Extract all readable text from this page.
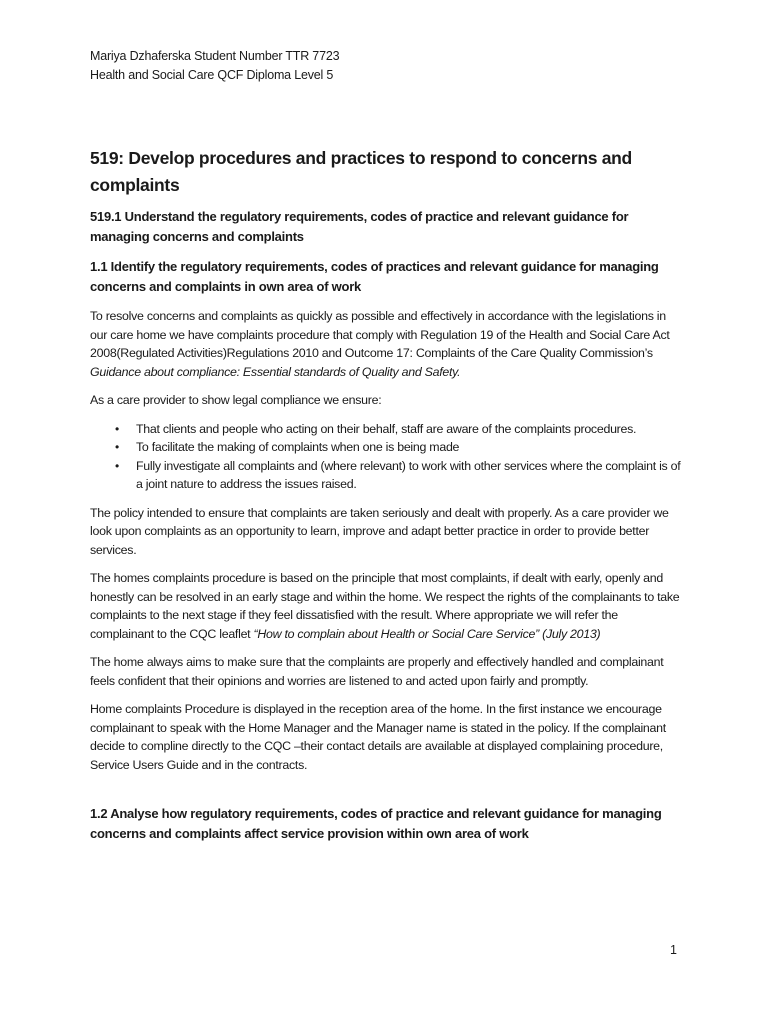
Mariya Dzhaferska Student Number TTR 7723
Health and Social Care QCF Diploma Level 5
519: Develop procedures and practices to respond to concerns and complaints
519.1 Understand the regulatory requirements, codes of practice and relevant guidance for managing concerns and complaints
1.1 Identify the regulatory requirements, codes of practices and relevant guidance for managing concerns and complaints in own area of work

To resolve concerns and complaints as quickly as possible and effectively in accordance with the legislations in our care home we have complaints procedure that comply with Regulation 19 of the Health and Social Care Act 2008(Regulated Activities)Regulations 2010 and Outcome 17: Complaints of the Care Quality Commission’s Guidance about compliance: Essential standards of Quality and Safety.

As a care provider to show legal compliance we ensure:

• That clients and people who acting on their behalf, staff are aware of the complaints procedures.
• To facilitate the making of complaints when one is being made
• Fully investigate all complaints and (where relevant) to work with other services where the complaint is of a joint nature to address the issues raised.

The policy intended to ensure that complaints are taken seriously and dealt with properly. As a care provider we look upon complaints as an opportunity to learn, improve and adapt better practice in order to provide better services.

The homes complaints procedure is based on the principle that most complaints, if dealt with early, openly and honestly can be resolved in an early stage and within the home. We respect the rights of the complainants to take complaints to the next stage if they feel dissatisfied with the result. Where appropriate we will refer the complainant to the CQC leaflet “How to complain about Health or Social Care Service” (July 2013)

The home always aims to make sure that the complaints are properly and effectively handled and complainant feels confident that their opinions and worries are listened to and acted upon fairly and promptly.

Home complaints Procedure is displayed in the reception area of the home. In the first instance we encourage complainant to speak with the Home Manager and the Manager name is stated in the policy. If the complainant decide to compline directly to the CQC –their contact details are available at displayed complaining procedure, Service Users Guide and in the contracts.

1.2 Analyse how regulatory requirements, codes of practice and relevant guidance for managing concerns and complaints affect service provision within own area of work
1
